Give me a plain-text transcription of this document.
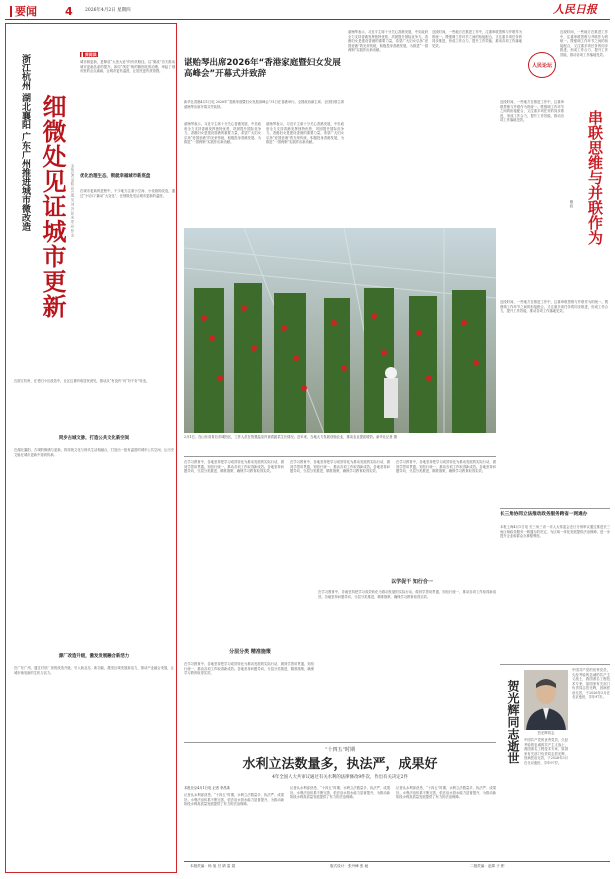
要闻	4	2026年4月2日 星期四	人民日报
▌深阅读
浙江杭州 湖北襄阳 广东广州推进城市微改造 细微处见证城市更新	本报记者 窦皓 孙兴康 吴 刘 冯 张 宋 蒙 孙 张 金
城市微更新，是释放“大美大爱”的有效路径。以“微改”功夫推动城市更新品质的提升。如同“绣花”般的精细化的治理，串起了城市里的点点滴滴，让城市更有温度，让居民更有获得感。
优化治理生态，锁就幸福城市新底盘
在城市更新的进程中，不少地方注重小空间、小设施的改造，通过“小切口”撬动“大变化”，在细微处见证城市更新的温度。
在浙江杭州，在老旧小区改造中，社区注重听取居民意见，推动从“有没有”向“好不好”转变。
同步古城文脉，打造公共文化新空间
在湖北襄阳，古城的修缮与更新，将传统文化与现代生活相融合，打造出一批有温度的城市公共空间，让历史文脉在城市更新中得到传承。
源厂改造升级，激发发展融合新活力
在广东广州，通过对旧厂房的改造升级，引入新业态、新功能，激发区域发展新活力，推动产业融合发展，让城市焕发新的生机与活力。
谌贻琴出席2026年“香港家庭暨妇女发展高峰会”开幕式并致辞
新华社香港4月1日电 2026年“香港家庭暨妇女发展高峰会”31日在香港举行。全国政协副主席、全国妇联主席谌贻琴出席开幕式并致辞。
谌贻琴表示，习近平主席十分关心香港发展，中央政府全力支持香港发挥独特优势，巩固提升国际竞争力。香港妇女是建设香港的重要力量，希望广大妇女弘扬“爱国爱港”的光荣传统，积极投身香港发展，为推进“一国两制”实践作出新贡献。
谌贻琴表示，习近平主席十分关心香港发展，中央政府全力支持香港发挥独特优势，巩固提升国际竞争力。香港妇女是建设香港的重要力量，希望广大妇女弘扬“爱国爱港”的光荣传统，积极投身香港发展，为推进“一国两制”实践作出新贡献。
谌贻琴表示，习近平主席十分关心香港发展，中央政府全力支持香港发挥独特优势，巩固提升国际竞争力。香港妇女是建设香港的重要力量，希望广大妇女弘扬“爱国爱港”的光荣传统，积极投身香港发展，为推进“一国两制”实践作出新贡献。
人民论坛
近段时间，一些地方在推进工作中，注重串联思维与并联作为的统一。既强调工作环节之间的衔接配合，又注重多项任务的同步推进，形成工作合力，提升工作效能，推动各项工作落地见效。
近段时间，一些地方在推进工作中，注重串联思维与并联作为的统一。既强调工作环节之间的衔接配合，又注重多项任务的同步推进，形成工作合力，提升工作效能，推动各项工作落地见效。
串联思维与并联作为
戴 辉
近段时间，一些地方在推进工作中，注重串联思维与并联作为的统一。既强调工作环节之间的衔接配合，又注重多项任务的同步推进，形成工作合力，提升工作效能，推动各项工作落地见效。
近段时间，一些地方在推进工作中，注重串联思维与并联作为的统一。既强调工作环节之间的衔接配合，又注重多项任务的同步推进，形成工作合力，提升工作效能，推动各项工作落地见效。
2月1日，在山东省青岛市城阳区，工作人员在智慧温室内查看蔬菜生长情况。近年来，当地大力发展设施农业，推动农业提质增效。新华社记者 摄
在学习教育中，各地坚持把学习成效转化为推动发展的实际行动，做到学思用贯通、知信行统一，推动各项工作取得新成效。各地坚持问题导向，分层分类推进，精准施策，确保学习教育取得实效。
以学促干 知行合一
在学习教育中，各地坚持把学习成效转化为推动发展的实际行动，做到学思用贯通、知信行统一，推动各项工作取得新成效。各地坚持问题导向，分层分类推进，精准施策，确保学习教育取得实效。
在学习教育中，各地坚持把学习成效转化为推动发展的实际行动，做到学思用贯通、知信行统一，推动各项工作取得新成效。各地坚持问题导向，分层分类推进，精准施策，确保学习教育取得实效。
分层分类 精准施策
在学习教育中，各地坚持把学习成效转化为推动发展的实际行动，做到学思用贯通、知信行统一，推动各项工作取得新成效。各地坚持问题导向，分层分类推进，精准施策，确保学习教育取得实效。
在学习教育中，各地坚持把学习成效转化为推动发展的实际行动，做到学思用贯通、知信行统一，推动各项工作取得新成效。各地坚持问题导向，分层分类推进，精准施策，确保学习教育取得实效。
长三角协同立法推动政务服务跨省一网通办
本报上海4月1日电 长三角三省一市人大常委会近日分别审议通过推进长三角区域政务服务一网通办的决定，为区域一体化发展提供法治保障，进一步提升企业和群众办事便利度。
“十四五”时期
水利立法数量多，执法严，成果好
4年全国人大共审议通过有关水利的法律修改9件次，作出有关决定2件
本报北京4月1日电 记者 李昌禹
记者从水利部获悉，“十四五”时期，水利立法数量多、执法严、成果好。水利法治体系不断完善，依法治水管水能力显著提升，为推动新阶段水利高质量发展提供了有力的法治保障。
记者从水利部获悉，“十四五”时期，水利立法数量多、执法严、成果好。水利法治体系不断完善，依法治水管水能力显著提升，为推动新阶段水利高质量发展提供了有力的法治保障。
记者从水利部获悉，“十四五”时期，水利立法数量多、执法严、成果好。水利法治体系不断完善，依法治水管水能力显著提升，为推动新阶段水利高质量发展提供了有力的法治保障。
贺光辉同志
贺光辉同志逝世
中国共产党的优秀党员，久经考验的忠诚的共产主义战士，我国著名工程技术专家，原国家有关部门负责同志贺光辉，因病医治无效，于2026年3月在北京逝世，享年97岁。
中国共产党的优秀党员，久经考验的忠诚的共产主义战士，我国著名工程技术专家，原国家有关部门负责同志贺光辉，因病医治无效，于2026年3月在北京逝世，享年97岁。
本版责编：杨 旭 吕 婧 雷 超	版式设计：张丹峰 张 驰	二版责编：赵婧 子 彬
